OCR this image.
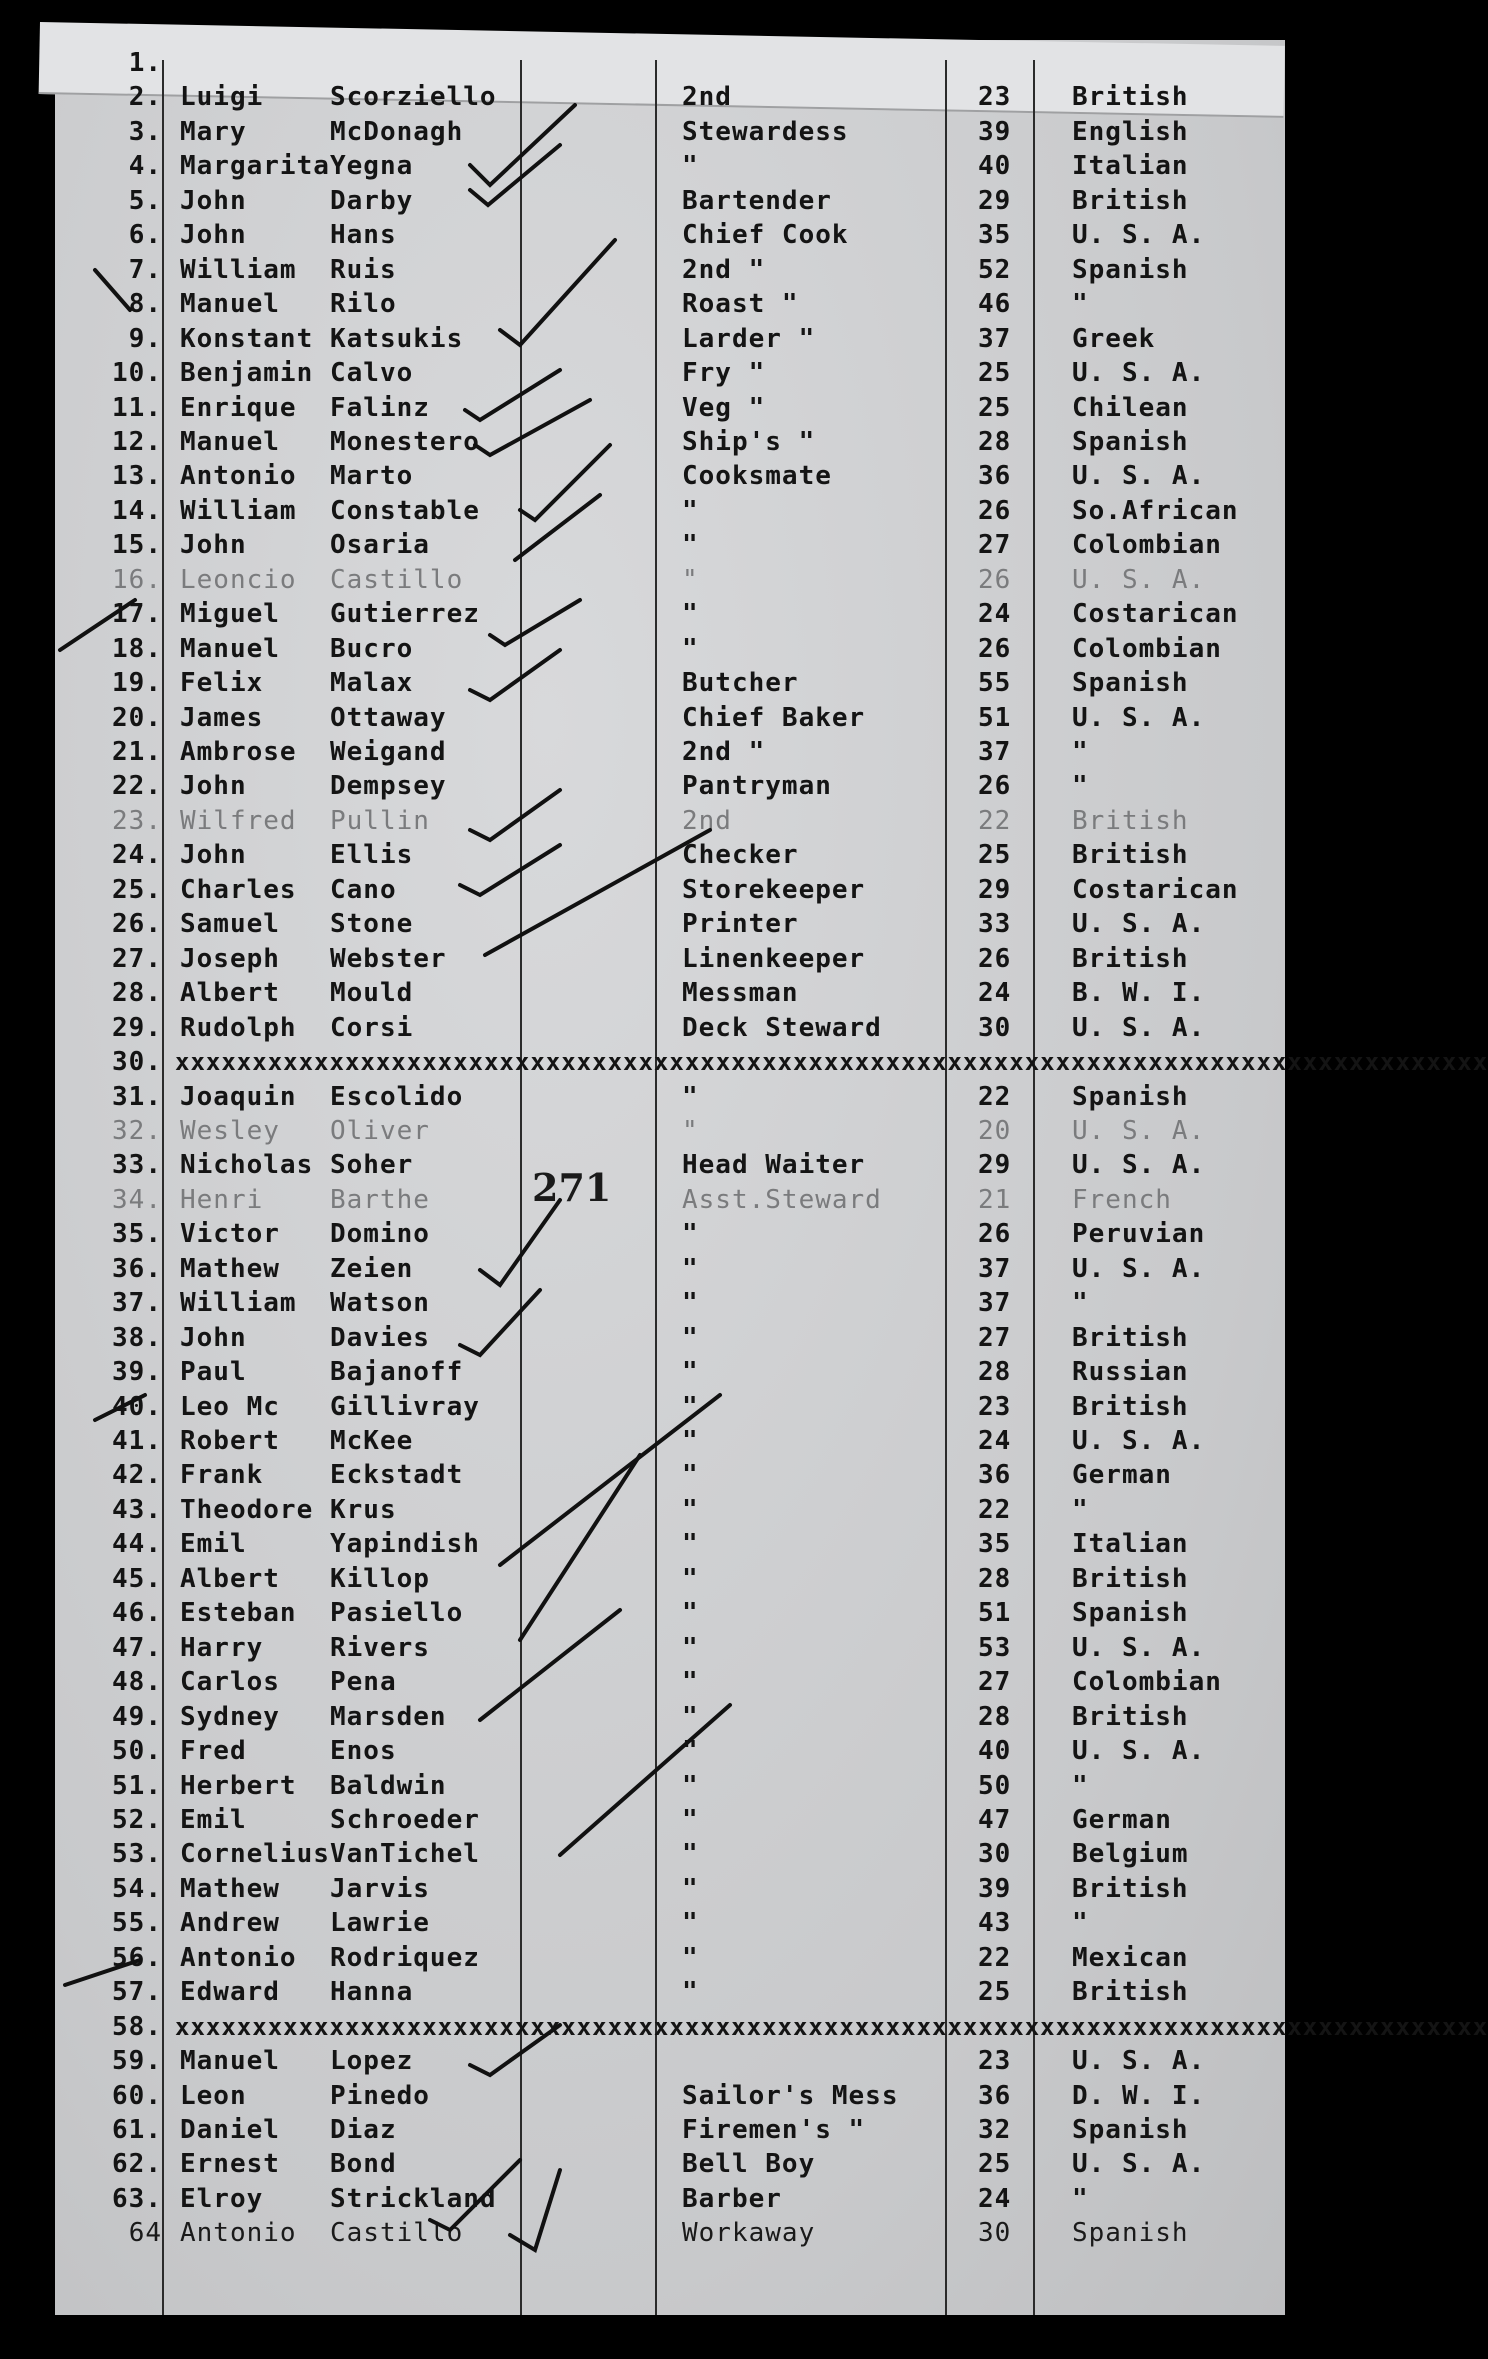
1.
2. Luigi	Scorziello	2nd	23 British
3. Mary	McDonagh	Stewardess	39 English
4. Margarita Yegna	"	40 Italian
5. John	Darby	Bartender	29 British
6. John	Hans	Chief Cook	35 U. S. A.
7. William Ruis	2nd "	52 Spanish
8. Manuel Rilo	Roast "	46 "
9. Konstant Katsukis	Larder "	37 Greek
10. Benjamin Calvo	Fry "	25 U. S. A.
11. Enrique Falinz	Veg "	25 Chilean
12. Manuel Monestero	Ship's "	28 Spanish
13. Antonio Marto	Cooksmate	36 U. S. A.
14. William Constable	"	26 So.African
15. John	Osaria	"	27 Colombian
16. Leoncio Castillo	"	26 U. S. A.
17. Miguel Gutierrez	"	24 Costarican
18. Manuel Bucro	"	26 Colombian
19. Felix	Malax	Butcher	55 Spanish
20. James	Ottaway	Chief Baker	51 U. S. A.
21. Ambrose Weigand	2nd "	37 "
22. John	Dempsey	Pantryman	26 "
23. Wilfred Pullin	2nd	22 British
24. John	Ellis	Checker	25 British
25. Charles Cano	Storekeeper	29 Costarican
26. Samuel Stone	Printer	33 U. S. A.
27. Joseph Webster	Linenkeeper	26 British
28. Albert Mould	Messman	24 B. W. I.
29. Rudolph Corsi	Deck Steward	30 U. S. A.
30. xxxxxxxxxxxxxxxxxxxxxxxxxxxxxxxxxxxxxxxxxxxxxxxxxxxxxxxxxxxxxxxxxxxxxxxxxxxxxxxxxxxxx
31. Joaquin Escolido	"	22 Spanish
32. Wesley Oliver	"	20 U. S. A.
33. Nicholas Soher	Head Waiter	29 U. S. A.
34. Henri	Barthe	Asst.Steward	21 French
35. Victor Domino	"	26 Peruvian
36. Mathew Zeien	"	37 U. S. A.
37. William Watson	"	37 "
38. John	Davies	"	27 British
39. Paul	Bajanoff	"	28 Russian
40. Leo Mc Gillivray	"	23 British
41. Robert McKee	"	24 U. S. A.
42. Frank	Eckstadt	"	36 German
43. Theodore Krus	"	22 "
44. Emil	Yapindish	"	35 Italian
45. Albert Killop	"	28 British
46. Esteban Pasiello	"	51 Spanish
47. Harry	Rivers	"	53 U. S. A.
48. Carlos Pena	"	27 Colombian
49. Sydney Marsden	"	28 British
50. Fred	Enos	"	40 U. S. A.
51. Herbert Baldwin	"	50 "
52. Emil	Schroeder	"	47 German
53. Cornelius VanTichel	"	30 Belgium
54. Mathew Jarvis	"	39 British
55. Andrew Lawrie	"	43 "
56. Antonio Rodriquez	"	22 Mexican
57. Edward Hanna	"	25 British
58. xxxxxxxxxxxxxxxxxxxxxxxxxxxxxxxxxxxxxxxxxxxxxxxxxxxxxxxxxxxxxxxxxxxxxxxxxxxxxxxxxxxxx
59. Manuel Lopez	23 U. S. A.
60. Leon	Pinedo	Sailor's Mess	36 D. W. I.
61. Daniel Diaz	Firemen's "	32 Spanish
62. Ernest Bond	Bell Boy	25 U. S. A.
63. Elroy	Strickland	Barber	24 "
64 Antonio Castillo	Workaway	30 Spanish
271
